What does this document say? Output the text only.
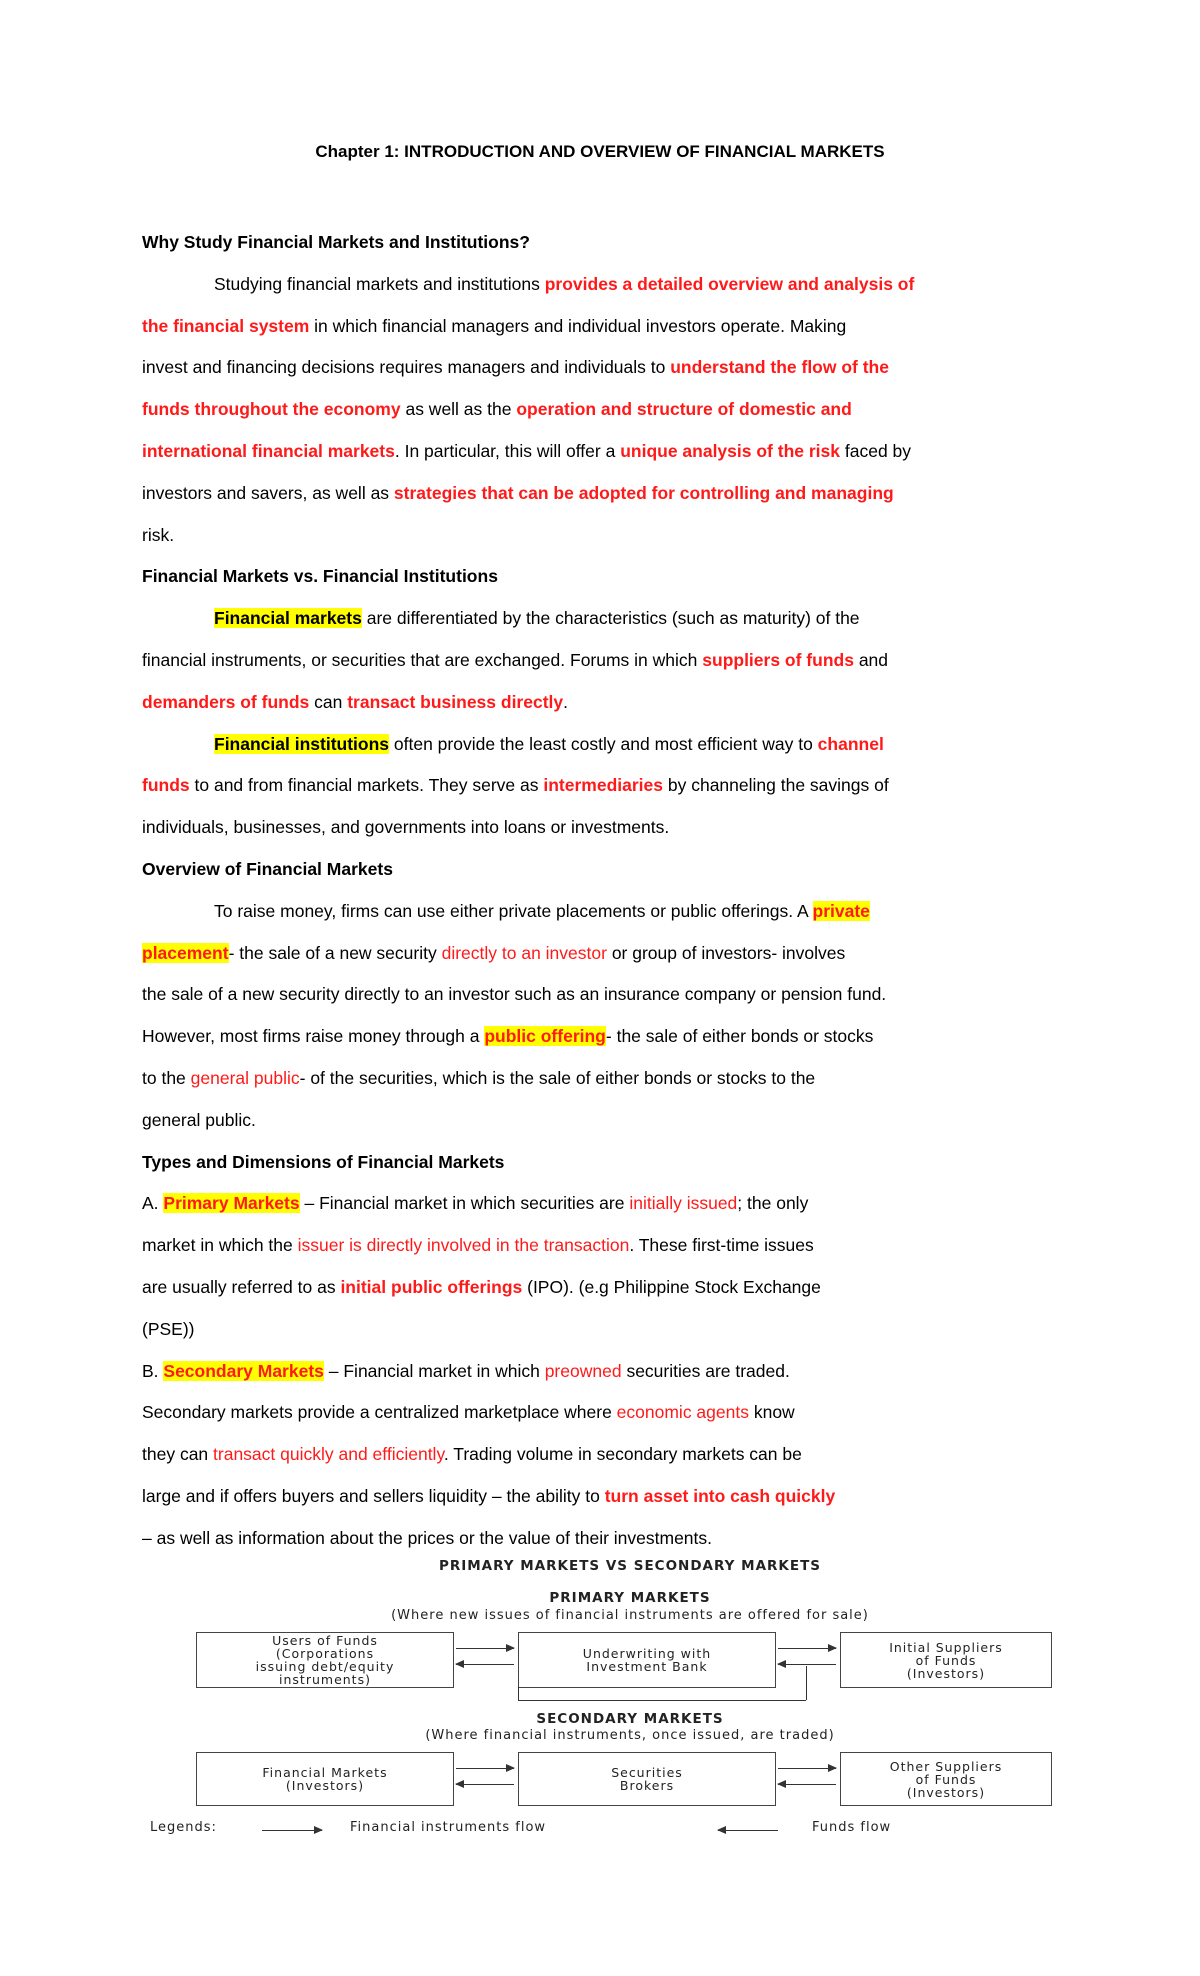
Chapter 1: INTRODUCTION AND OVERVIEW OF FINANCIAL MARKETS

Why Study Financial Markets and Institutions?

Studying financial markets and institutions provides a detailed overview and analysis of

the financial system in which financial managers and individual investors operate. Making

invest and financing decisions requires managers and individuals to understand the flow of the

funds throughout the economy as well as the operation and structure of domestic and

international financial markets. In particular, this will offer a unique analysis of the risk faced by

investors and savers, as well as strategies that can be adopted for controlling and managing

risk.

Financial Markets vs. Financial Institutions

Financial markets are differentiated by the characteristics (such as maturity) of the

financial instruments, or securities that are exchanged. Forums in which suppliers of funds and

demanders of funds can transact business directly.

Financial institutions often provide the least costly and most efficient way to channel

funds to and from financial markets. They serve as intermediaries by channeling the savings of

individuals, businesses, and governments into loans or investments.

Overview of Financial Markets

To raise money, firms can use either private placements or public offerings. A private

placement- the sale of a new security directly to an investor or group of investors- involves

the sale of a new security directly to an investor such as an insurance company or pension fund.

However, most firms raise money through a public offering- the sale of either bonds or stocks

to the general public- of the securities, which is the sale of either bonds or stocks to the

general public.

Types and Dimensions of Financial Markets

A. Primary Markets – Financial market in which securities are initially issued; the only

market in which the issuer is directly involved in the transaction. These first-time issues

are usually referred to as initial public offerings (IPO). (e.g Philippine Stock Exchange

(PSE))

B. Secondary Markets – Financial market in which preowned securities are traded.

Secondary markets provide a centralized marketplace where economic agents know

they can transact quickly and efficiently. Trading volume in secondary markets can be

large and if offers buyers and sellers liquidity – the ability to turn asset into cash quickly

– as well as information about the prices or the value of their investments.

PRIMARY MARKETS VS SECONDARY MARKETS
PRIMARY MARKETS
(Where new issues of financial instruments are offered for sale)
Users of Funds
(Corporations
issuing debt/equity
instruments)
Underwriting with
Investment Bank
Initial Suppliers
of Funds
(Investors)
SECONDARY MARKETS
(Where financial instruments, once issued, are traded)
Financial Markets
(Investors)
Securities
Brokers
Other Suppliers
of Funds
(Investors)
Legends:	Financial instruments flow	Funds flow
